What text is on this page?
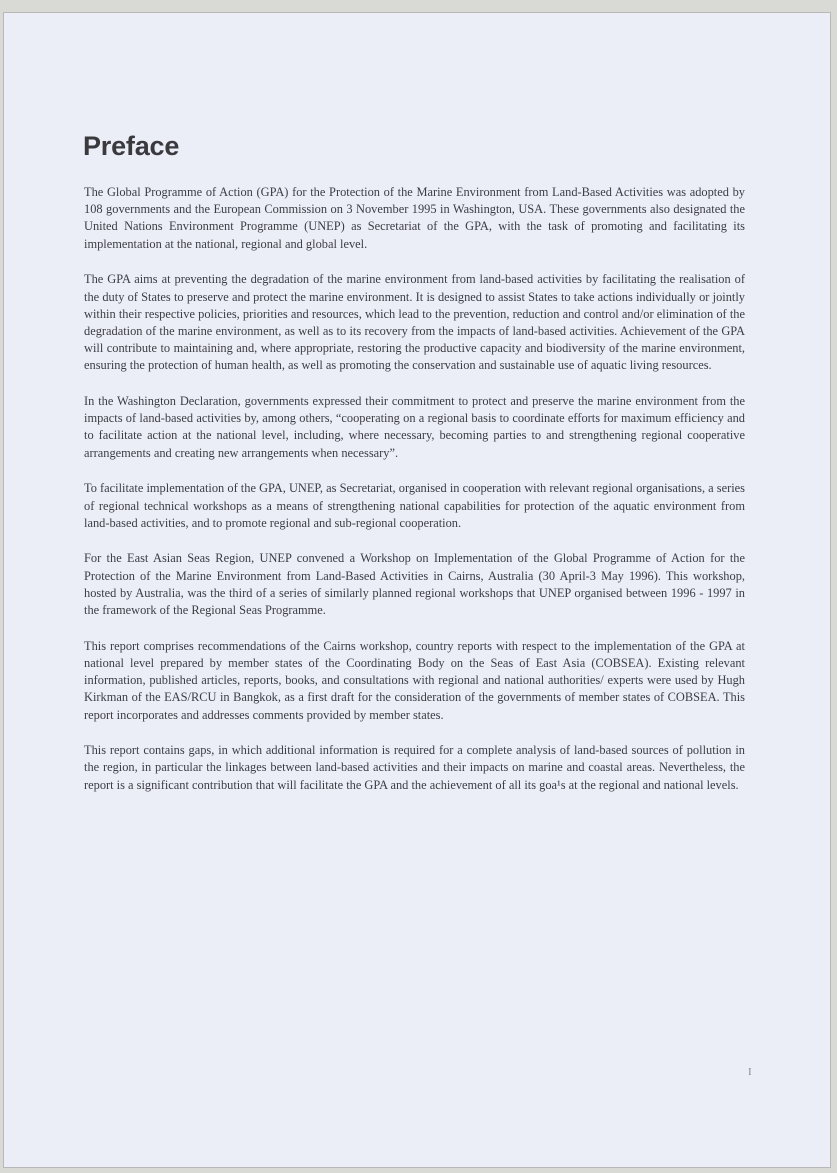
Preface

The Global Programme of Action (GPA) for the Protection of the Marine Environment from Land-Based Activities was adopted by 108 governments and the European Commission on 3 November 1995 in Washington, USA. These governments also designated the United Nations Environment Programme (UNEP) as Secretariat of the GPA, with the task of promoting and facilitating its implementation at the national, regional and global level.

The GPA aims at preventing the degradation of the marine environment from land-based activities by facilitating the realisation of the duty of States to preserve and protect the marine environment. It is designed to assist States to take actions individually or jointly within their respective policies, priorities and resources, which lead to the prevention, reduction and control and/or elimination of the degradation of the marine environment, as well as to its recovery from the impacts of land-based activities. Achievement of the GPA will contribute to maintaining and, where appropriate, restoring the productive capacity and biodiversity of the marine environment, ensuring the protection of human health, as well as promoting the conservation and sustainable use of aquatic living resources.

In the Washington Declaration, governments expressed their commitment to protect and preserve the marine environment from the impacts of land-based activities by, among others, “cooperating on a regional basis to coordinate efforts for maximum efficiency and to facilitate action at the national level, including, where necessary, becoming parties to and strengthening regional cooperative arrangements and creating new arrangements when necessary”.

To facilitate implementation of the GPA, UNEP, as Secretariat, organised in cooperation with relevant regional organisations, a series of regional technical workshops as a means of strengthening national capabilities for protection of the aquatic environment from land-based activities, and to promote regional and sub-regional cooperation.

For the East Asian Seas Region, UNEP convened a Workshop on Implementation of the Global Programme of Action for the Protection of the Marine Environment from Land-Based Activities in Cairns, Australia (30 April-3 May 1996). This workshop, hosted by Australia, was the third of a series of similarly planned regional workshops that UNEP organised between 1996 - 1997 in the framework of the Regional Seas Programme.

This report comprises recommendations of the Cairns workshop, country reports with respect to the implementation of the GPA at national level prepared by member states of the Coordinating Body on the Seas of East Asia (COBSEA). Existing relevant information, published articles, reports, books, and consultations with regional and national authorities/ experts were used by Hugh Kirkman of the EAS/RCU in Bangkok, as a first draft for the consideration of the governments of member states of COBSEA. This report incorporates and addresses comments provided by member states.

This report contains gaps, in which additional information is required for a complete analysis of land-based sources of pollution in the region, in particular the linkages between land-based activities and their impacts on marine and coastal areas. Nevertheless, the report is a significant contribution that will facilitate the GPA and the achievement of all its goa¹s at the regional and national levels.

I
